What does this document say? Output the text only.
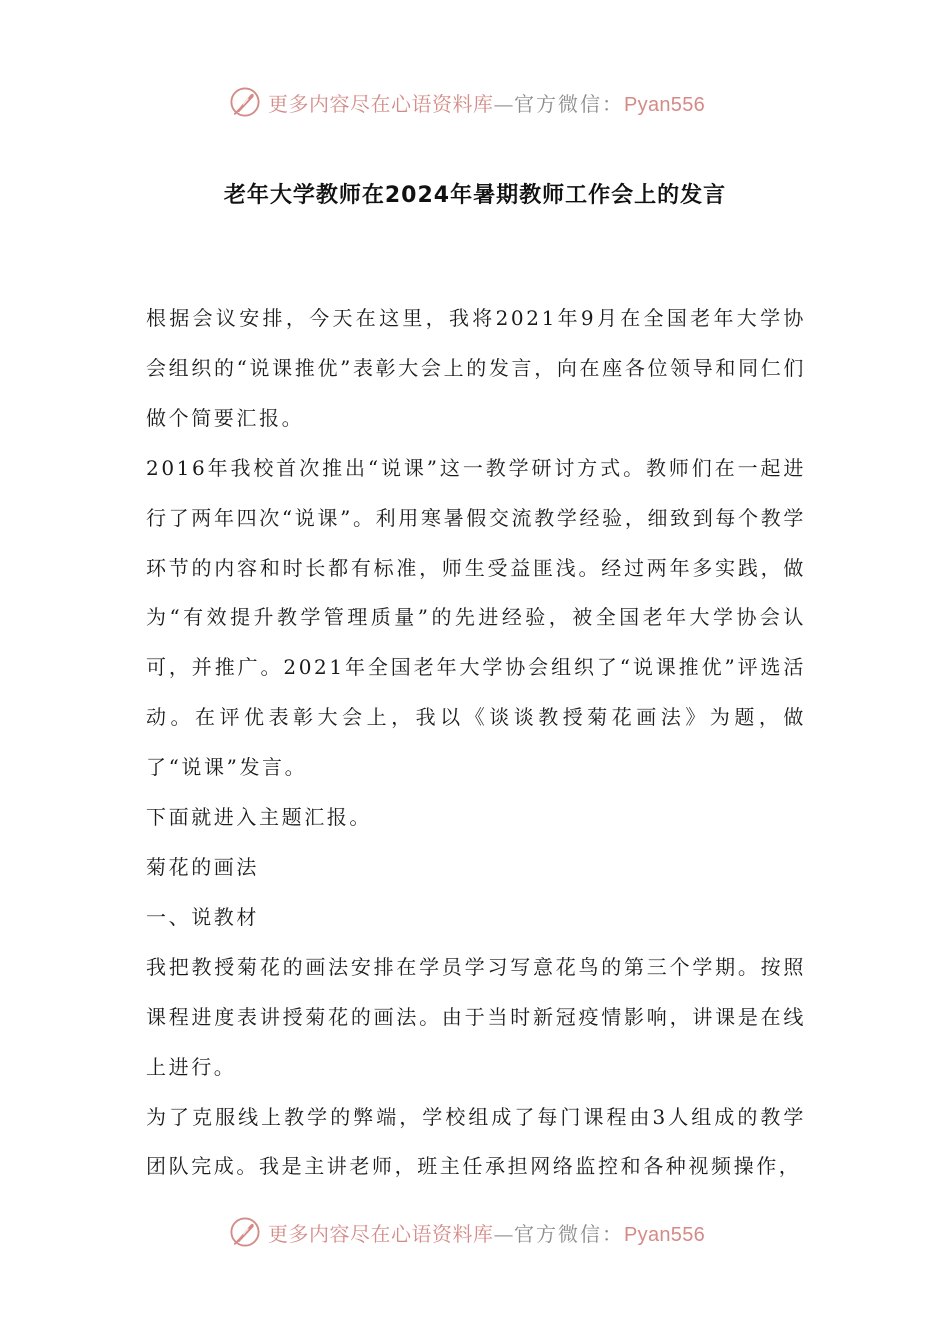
更多内容尽在心语资料库—官方微信：Pyan556
老年大学教师在2024年暑期教师工作会上的发言

根据会议安排，今天在这里，我将2021年9月在全国老年大学协会组织的“说课推优”表彰大会上的发言，向在座各位领导和同仁们做个简要汇报。

2016年我校首次推出“说课”这一教学研讨方式。教师们在一起进行了两年四次“说课”。利用寒暑假交流教学经验，细致到每个教学环节的内容和时长都有标准，师生受益匪浅。经过两年多实践，做为“有效提升教学管理质量”的先进经验，被全国老年大学协会认可，并推广。2021年全国老年大学协会组织了“说课推优”评选活动。在评优表彰大会上，我以《谈谈教授菊花画法》为题，做了“说课”发言。

下面就进入主题汇报。

菊花的画法

一、说教材

我把教授菊花的画法安排在学员学习写意花鸟的第三个学期。按照课程进度表讲授菊花的画法。由于当时新冠疫情影响，讲课是在线上进行。

为了克服线上教学的弊端，学校组成了每门课程由3人组成的教学团队完成。我是主讲老师，班主任承担网络监控和各种视频操作，

更多内容尽在心语资料库—官方微信：Pyan556
